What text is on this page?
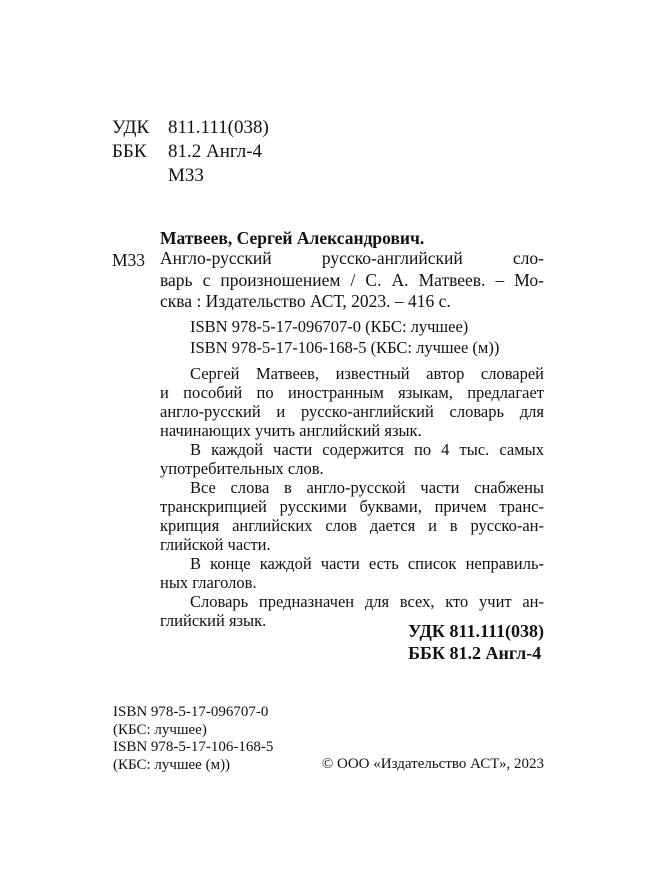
УДК 811.111(038)
ББК 81.2 Англ-4
М33
Матвеев, Сергей Александрович.
М33 Англо-русский русско-английский сло-
варь с произношением / С. А. Матвеев. – Мо-
сква : Издательство АСТ, 2023. – 416 с.
ISBN 978-5-17-096707-0 (КБС: лучшее)
ISBN 978-5-17-106-168-5 (КБС: лучшее (м))
Сергей Матвеев, известный автор словарей
и пособий по иностранным языкам, предлагает
англо-русский и русско-английский словарь для
начинающих учить английский язык.
В каждой части содержится по 4 тыс. самых
употребительных слов.
Все слова в англо-русской части снабжены
транскрипцией русскими буквами, причем транс-
крипция английских слов дается и в русско-ан-
глийской части.
В конце каждой части есть список неправиль-
ных глаголов.
Словарь предназначен для всех, кто учит ан-
глийский язык.
УДК 811.111(038)
ББК 81.2 Англ-4
ISBN 978-5-17-096707-0
(КБС: лучшее)
ISBN 978-5-17-106-168-5
(КБС: лучшее (м))	© ООО «Издательство АСТ», 2023
